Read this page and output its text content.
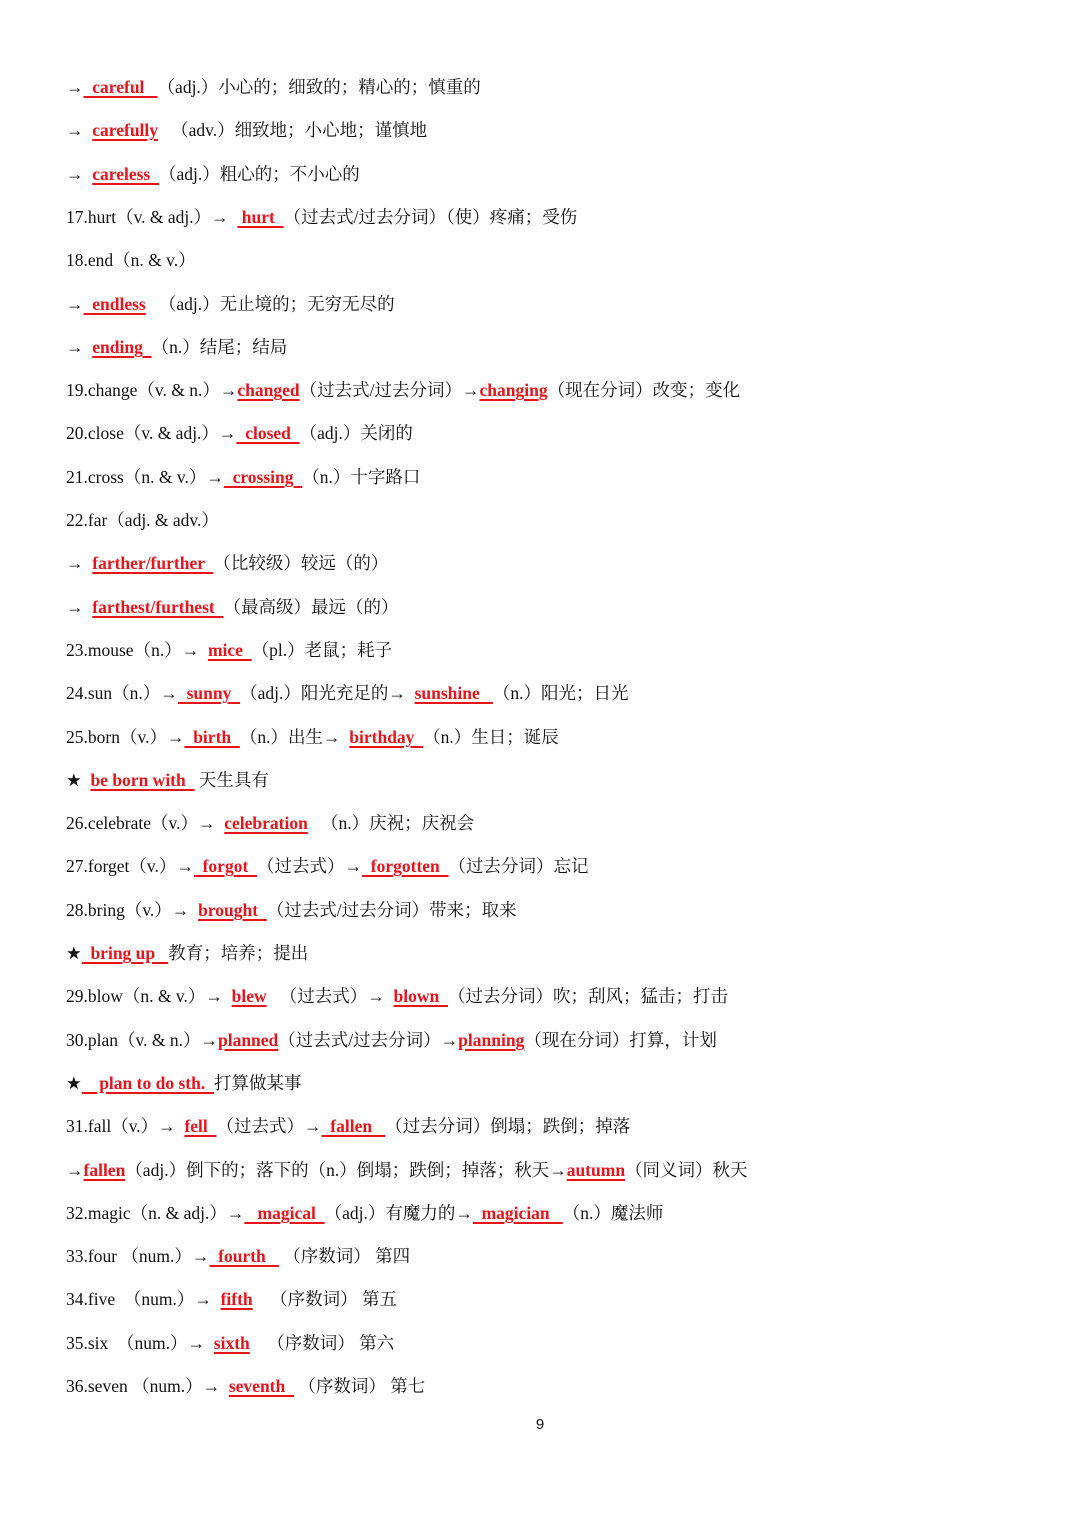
→  careful   （adj.）小心的；细致的；精心的；慎重的
→  carefully   （adv.）细致地；小心地；谨慎地
→  careless  （adj.）粗心的；不小心的
17.hurt（v. & adj.）→   hurt  （过去式/过去分词）（使）疼痛；受伤
18.end（n. & v.）
→  endless   （adj.）无止境的；无穷无尽的
→  ending  （n.）结尾；结局
19.change（v. & n.）→changed（过去式/过去分词）→changing（现在分词）改变；变化
20.close（v. & adj.）→  closed  （adj.）关闭的
21.cross（n. & v.）→  crossing  （n.）十字路口
22.far（adj. & adv.）
→  farther/further  （比较级）较远（的）
→  farthest/furthest  （最高级）最远（的）
23.mouse（n.）→  mice  （pl.）老鼠；耗子
24.sun（n.）→  sunny  （adj.）阳光充足的→  sunshine   （n.）阳光；日光
25.born（v.）→  birth  （n.）出生→  birthday  （n.）生日；诞辰
★  be born with   天生具有
26.celebrate（v.）→  celebration   （n.）庆祝；庆祝会
27.forget（v.）→  forgot  （过去式）→  forgotten  （过去分词）忘记
28.bring（v.）→  brought  （过去式/过去分词）带来；取来
★  bring up   教育；培养；提出
29.blow（n. & v.）→  blew   （过去式）→  blown  （过去分词）吹；刮风；猛击；打击
30.plan（v. & n.）→planned（过去式/过去分词）→planning（现在分词）打算，计划
★    plan to do sth.  打算做某事
31.fall（v.）→  fell  （过去式）→  fallen   （过去分词）倒塌；跌倒；掉落
→fallen（adj.）倒下的；落下的（n.）倒塌；跌倒；掉落；秋天→autumn（同义词）秋天
32.magic（n. & adj.）→   magical  （adj.）有魔力的→  magician   （n.）魔法师
33.four （num.）→  fourth    （序数词） 第四
34.five  （num.）→  fifth    （序数词） 第五
35.six  （num.）→  sixth    （序数词） 第六
36.seven （num.）→  seventh   （序数词） 第七
9
